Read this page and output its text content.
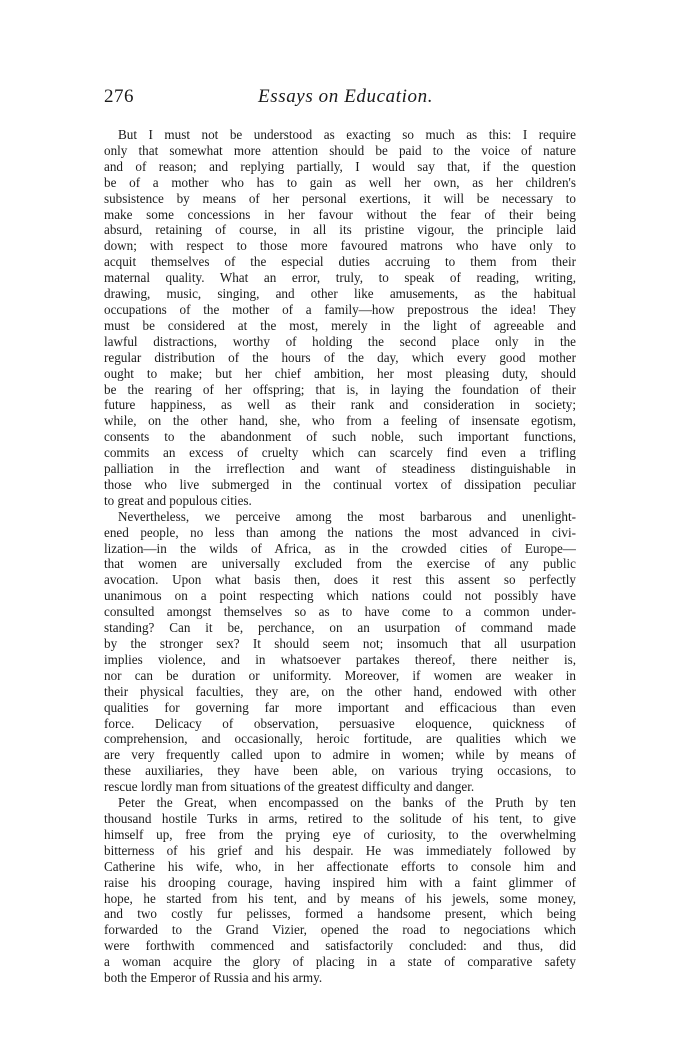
276	Essays on Education.
But I must not be understood as exacting so much as this: I require
only that somewhat more attention should be paid to the voice of nature
and of reason; and replying partially, I would say that, if the question
be of a mother who has to gain as well her own, as her children's
subsistence by means of her personal exertions, it will be necessary to
make some concessions in her favour without the fear of their being
absurd, retaining of course, in all its pristine vigour, the principle laid
down; with respect to those more favoured matrons who have only to
acquit themselves of the especial duties accruing to them from their
maternal quality. What an error, truly, to speak of reading, writing,
drawing, music, singing, and other like amusements, as the habitual
occupations of the mother of a family—how prepostrous the idea! They
must be considered at the most, merely in the light of agreeable and
lawful distractions, worthy of holding the second place only in the
regular distribution of the hours of the day, which every good mother
ought to make; but her chief ambition, her most pleasing duty, should
be the rearing of her offspring; that is, in laying the foundation of their
future happiness, as well as their rank and consideration in society;
while, on the other hand, she, who from a feeling of insensate egotism,
consents to the abandonment of such noble, such important functions,
commits an excess of cruelty which can scarcely find even a trifling
palliation in the irreflection and want of steadiness distinguishable in
those who live submerged in the continual vortex of dissipation peculiar
to great and populous cities.
Nevertheless, we perceive among the most barbarous and unenlight-
ened people, no less than among the nations the most advanced in civi-
lization—in the wilds of Africa, as in the crowded cities of Europe—
that women are universally excluded from the exercise of any public
avocation. Upon what basis then, does it rest this assent so perfectly
unanimous on a point respecting which nations could not possibly have
consulted amongst themselves so as to have come to a common under-
standing? Can it be, perchance, on an usurpation of command made
by the stronger sex? It should seem not; insomuch that all usurpation
implies violence, and in whatsoever partakes thereof, there neither is,
nor can be duration or uniformity. Moreover, if women are weaker in
their physical faculties, they are, on the other hand, endowed with other
qualities for governing far more important and efficacious than even
force. Delicacy of observation, persuasive eloquence, quickness of
comprehension, and occasionally, heroic fortitude, are qualities which we
are very frequently called upon to admire in women; while by means of
these auxiliaries, they have been able, on various trying occasions, to
rescue lordly man from situations of the greatest difficulty and danger.
Peter the Great, when encompassed on the banks of the Pruth by ten
thousand hostile Turks in arms, retired to the solitude of his tent, to give
himself up, free from the prying eye of curiosity, to the overwhelming
bitterness of his grief and his despair. He was immediately followed by
Catherine his wife, who, in her affectionate efforts to console him and
raise his drooping courage, having inspired him with a faint glimmer of
hope, he started from his tent, and by means of his jewels, some money,
and two costly fur pelisses, formed a handsome present, which being
forwarded to the Grand Vizier, opened the road to negociations which
were forthwith commenced and satisfactorily concluded: and thus, did
a woman acquire the glory of placing in a state of comparative safety
both the Emperor of Russia and his army.
